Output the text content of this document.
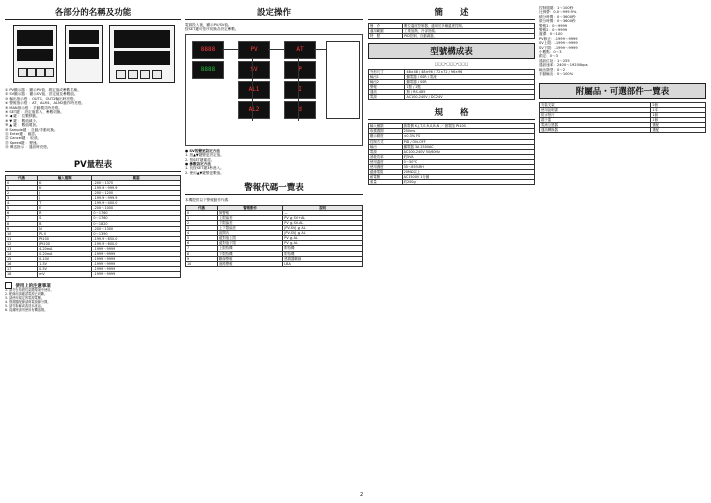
各部分的名稱及功能
① PV顯示器 ：顯示PV值、測定值或參數名稱。
② SV顯示器 ：顯示SV值、設定值及參數值。
③ 輸出指示燈 ：OUT1、OUT2輸出時亮燈。
④ 警報指示燈 ：AT、ALM1、ALM2動作時亮燈。
⑤ MAN指示燈 ：手動模式時亮燈。
⑥ SET鍵 ：設定值寫入、參數切換。
⑦ ◀ 鍵 ：位數移動。
⑧ ▼ 鍵 ：數值減少。
⑨ ▲ 鍵 ：數值增加。
⑩ Sample鍵 ：自動/手動切換。
⑪ Enter鍵 ：確認。
⑫ Cancel鍵 ：取消。
⑬ Speed鍵 ：變速。
⑭ 傳送指示 ：通訊時亮燈。
PV量程表
代碼	輸入種類	範圍
0	K	-200～1370
1	K	-199.9～999.9
2	J	-200～1200
3	J	-199.9～999.9
4	T	-199.9～400.0
5	E	-200～1000
6	R	0～1760
7	S	0～1760
8	B	0～1820
9	N	-200～1300
10	PL II	0～1390
11	Pt100	-199.9～850.0
12	JPt100	-199.9～600.0
13	4-20mA	-1999～9999
14	0-20mA	-1999～9999
15	0-10V	-1999～9999
16	1-5V	-1999～9999
17	0-5V	-1999～9999
18	mV	-1999～9999
使用上的注意事項
1. 請勿在易燃性氣體環境中使用。
2. 配線前請確認電源已切斷。
3. 請使用規定的電源電壓。
4. 感測器配線請與電源線分開。
5. 請勿拆解或改造本產品。
6. 清潔時請勿使用有機溶劑。
設定操作
電源投入後，顯示PV/SV值。
按SET鍵可依序切換各設定參數。
8888
8888
PV
SV
AL1
AL2
AT
P
I
d
● SV的變更設定方法
1. 按▲▼鍵變更設定值。
2. 按SET鍵確認。
● 參數設定方法
1. 長按SET鍵3秒進入。
2. 使用▲▼鍵變更數值。
警報代碼一覽表
本機提供以下警報動作代碼：
代碼	警報動作	說明
0	無警報	—
1	上限偏差	PV ≧ SV+AL
2	下限偏差	PV ≦ SV-AL
3	上下限偏差	|PV-SV| ≧ AL
4	區間內	|PV-SV| ≦ AL
5	絕對值上限	PV ≧ AL
6	絕對值下限	PV ≦ AL
7	上限待機	附待機
8	下限待機	附待機
9	斷線警報	感測器斷線
10	迴路警報	LBA
簡　　述
簡　介	數位溫度控制器，適用於多種溫度控制。
適用範圍	工業加熱、冷卻設備。
特　點	PID控制、自動調諧。
型號構成表
□□□-□□□-□□□
外形尺寸	48×48 / 48×96 / 72×72 / 96×96
輸出1	繼電器 / SSR / 電流
輸出2	繼電器 / SSR
警報	1點 / 2點
通訊	無 / RS-485
電源	AC100-240V / DC24V
規　　格
輸入種類	熱電偶 K,J,T,E,R,S,B,N ／ 熱電阻 Pt100
取樣週期	250ms
顯示精度	±0.3% FS
控制方式	PID / ON-OFF
輸出	繼電器 3A 250VAC
電源	AC100-240V 50/60Hz
消耗功率	約5VA
使用溫度	0～50℃
使用濕度	35～85%RH
絕緣電阻	20MΩ以上
耐電壓	AC1500V 1分鐘
重量	約200g
控制週期：1～100秒
比例帶：0.0～999.9%
積分時間：0～3600秒
微分時間：0～3600秒
警報1：0～9999
警報2：0～9999
遲滯：0～100
PV修正：-1999～9999
SV上限：-1999～9999
SV下限：-1999～9999
小數點：0～3
鎖定：0～3
通訊位址：1～255
通訊速率：2400～19200bps
輸出類型：0～2
手動輸出：0～100%
附屬品・可選部件一覽表
安裝支架	2個
使用說明書	1本
防水墊片	1個
端子蓋	1個
電流互感器	選配
通訊轉換器	選配
2
